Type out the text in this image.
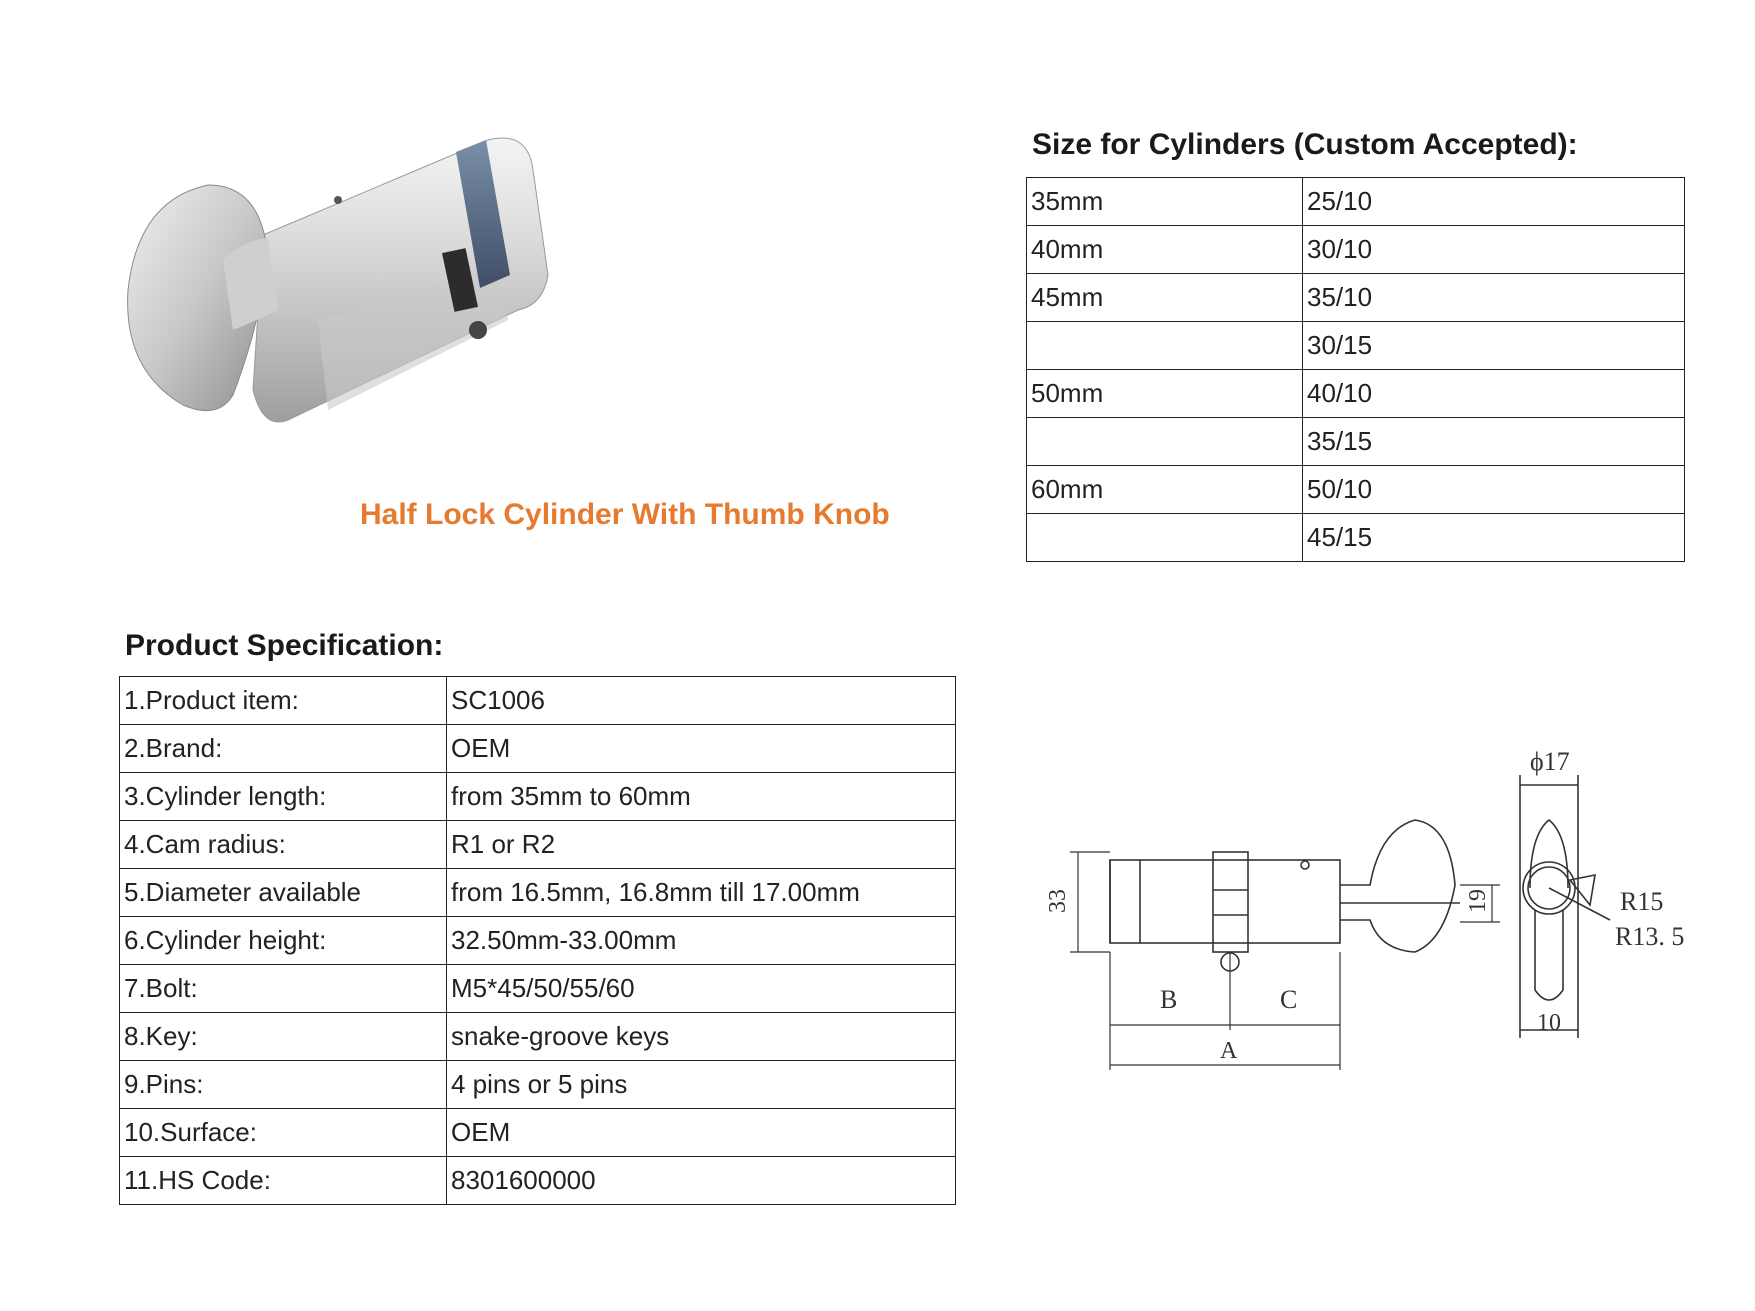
Half Lock Cylinder With Thumb Knob
Size for Cylinders (Custom Accepted):
35mm	25/10
40mm	30/10
45mm	35/10
	30/15
50mm	40/10
	35/15
60mm	50/10
	45/15
Product Specification:
1.Product item:	SC1006
2.Brand:	OEM
3.Cylinder length:	from 35mm to 60mm
4.Cam radius:	R1 or R2
5.Diameter available	from 16.5mm, 16.8mm till 17.00mm
6.Cylinder height:	32.50mm-33.00mm
7.Bolt:	M5*45/50/55/60
8.Key:	snake-groove keys
9.Pins:	4 pins or 5 pins
10.Surface:	OEM
11.HS Code:	8301600000
33	19
B	C
A
ϕ17
R15
R13. 5
10
